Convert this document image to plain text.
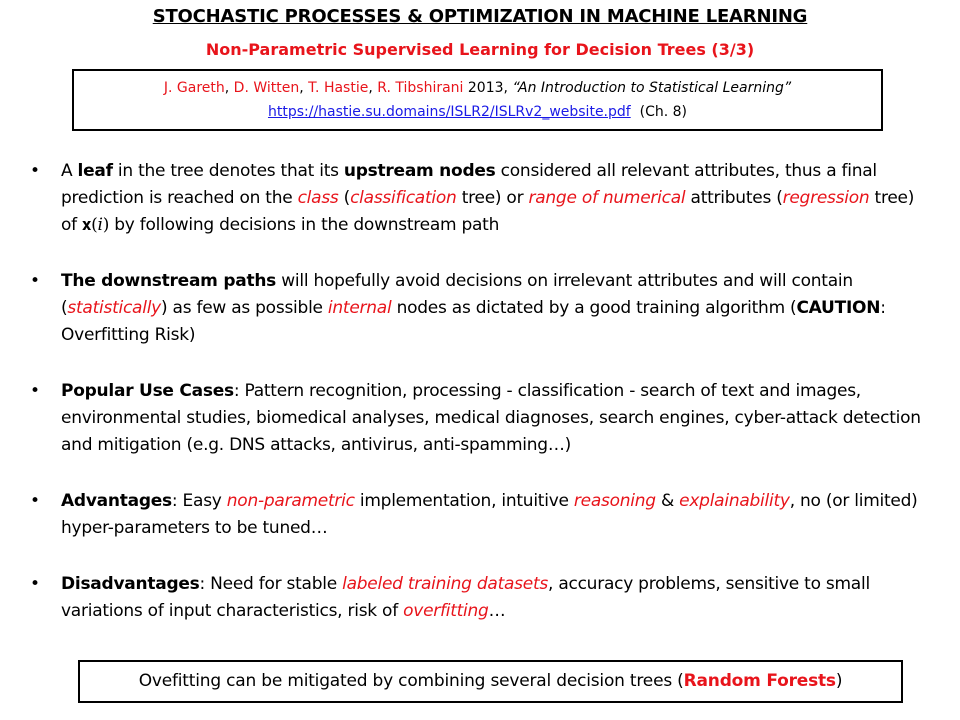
STOCHASTIC PROCESSES & OPTIMIZATION IN MACHINE LEARNING
Non-Parametric Supervised Learning for Decision Trees (3/3)
J. Gareth, D. Witten, T. Hastie, R. Tibshirani 2013, “An Introduction to Statistical Learning”
https://hastie.su.domains/ISLR2/ISLRv2_website.pdf (Ch. 8)
• A leaf in the tree denotes that its upstream nodes considered all relevant attributes, thus a final prediction is reached on the class (classification tree) or range of numerical attributes (regression tree) of 𝐱(𝑖) by following decisions in the downstream path
• The downstream paths will hopefully avoid decisions on irrelevant attributes and will contain (statistically) as few as possible internal nodes as dictated by a good training algorithm (CAUTION: Overfitting Risk)
• Popular Use Cases: Pattern recognition, processing - classification - search of text and images, environmental studies, biomedical analyses, medical diagnoses, search engines, cyber-attack detection and mitigation (e.g. DNS attacks, antivirus, anti-spamming…)
• Advantages: Easy non-parametric implementation, intuitive reasoning & explainability, no (or limited) hyper-parameters to be tuned…
• Disadvantages: Need for stable labeled training datasets, accuracy problems, sensitive to small variations of input characteristics, risk of overfitting…
Ovefitting can be mitigated by combining several decision trees (Random Forests)
